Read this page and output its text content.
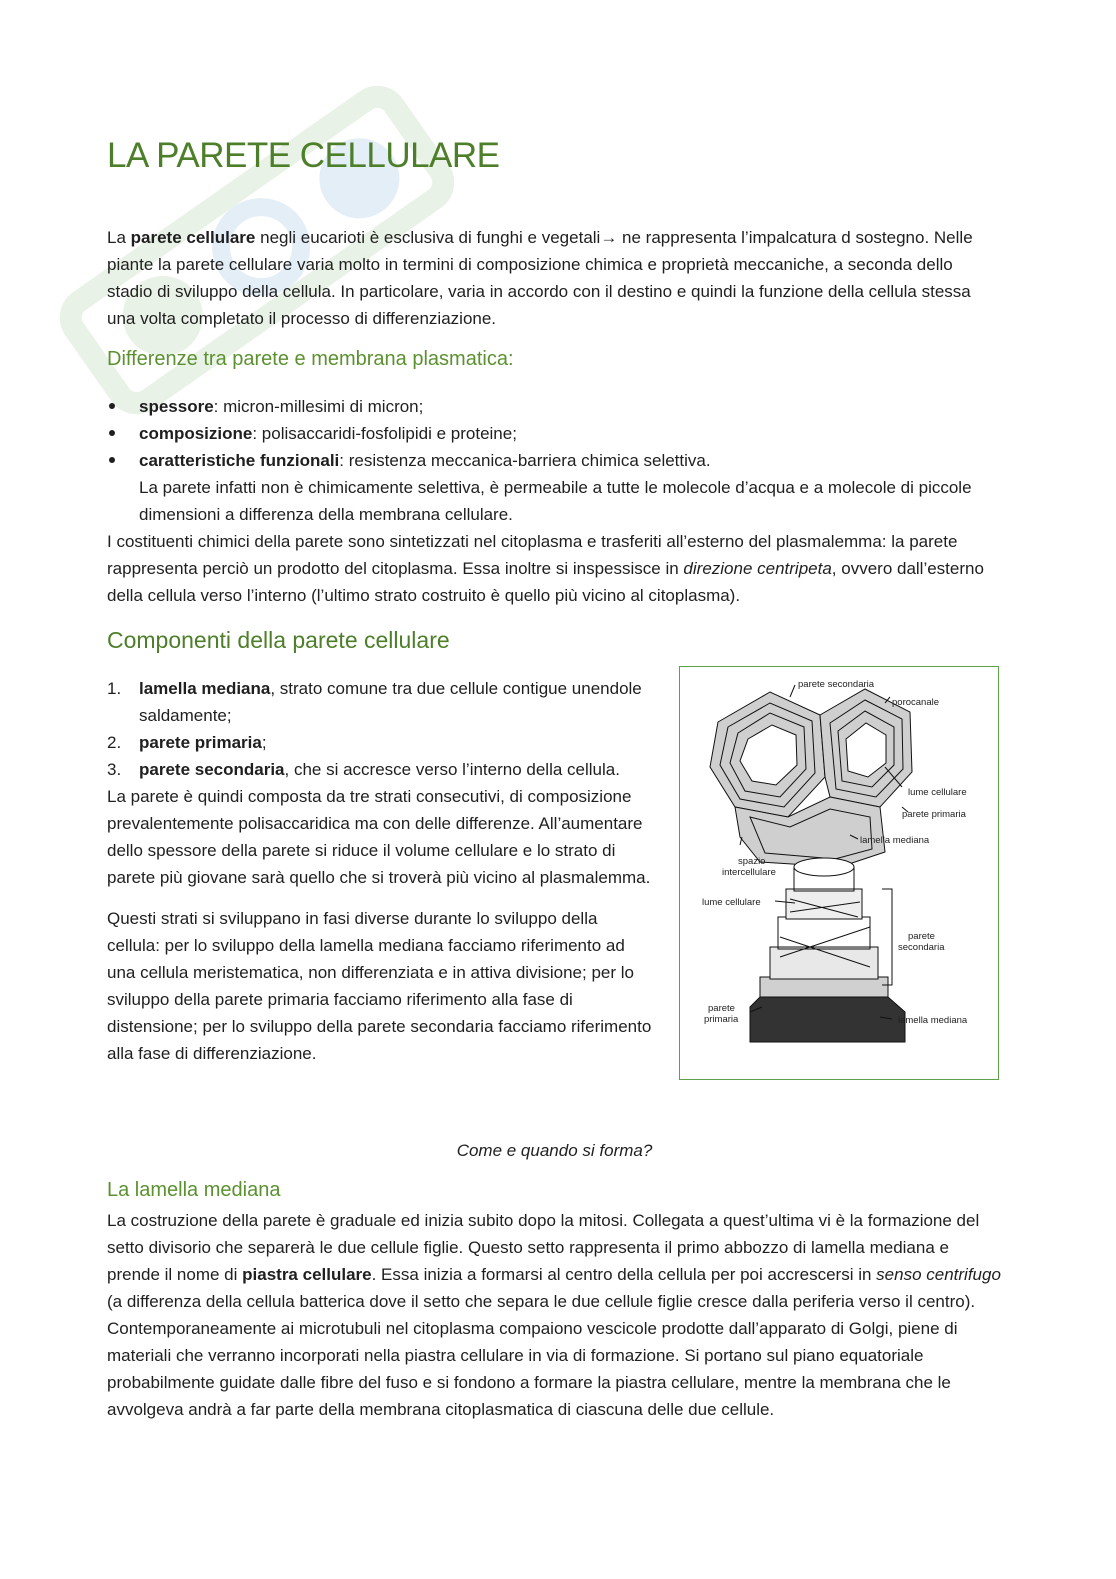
LA PARETE CELLULARE

La parete cellulare negli eucarioti è esclusiva di funghi e vegetali→ ne rappresenta l’impalcatura d sostegno. Nelle piante la parete cellulare varia molto in termini di composizione chimica e proprietà meccaniche, a seconda dello stadio di sviluppo della cellula. In particolare, varia in accordo con il destino e quindi la funzione della cellula stessa una volta completato il processo di differenziazione.

Differenze tra parete e membrana plasmatica:
spessore: micron-millesimi di micron;
composizione: polisaccaridi-fosfolipidi e proteine;
caratteristiche funzionali: resistenza meccanica-barriera chimica selettiva.

La parete infatti non è chimicamente selettiva, è permeabile a tutte le molecole d’acqua e a molecole di piccole dimensioni a differenza della membrana cellulare.

I costituenti chimici della parete sono sintetizzati nel citoplasma e trasferiti all’esterno del plasmalemma: la parete rappresenta perciò un prodotto del citoplasma. Essa inoltre si inspessisce in direzione centripeta, ovvero dall’esterno della cellula verso l’interno (l’ultimo strato costruito è quello più vicino al citoplasma).

Componenti della parete cellulare
1. lamella mediana, strato comune tra due cellule contigue unendole saldamente;
2. parete primaria;
3. parete secondaria, che si accresce verso l’interno della cellula.

La parete è quindi composta da tre strati consecutivi, di composizione prevalentemente polisaccaridica ma con delle differenze. All’aumentare dello spessore della parete si riduce il volume cellulare e lo strato di parete più giovane sarà quello che si troverà più vicino al plasmalemma.

Questi strati si sviluppano in fasi diverse durante lo sviluppo della cellula: per lo sviluppo della lamella mediana facciamo riferimento ad una cellula meristematica, non differenziata e in attiva divisione; per lo sviluppo della parete primaria facciamo riferimento alla fase di distensione; per lo sviluppo della parete secondaria facciamo riferimento alla fase di differenziazione.

parete secondaria
porocanale
lume cellulare
parete primaria
lamella mediana
spazio
intercellulare
lume cellulare
parete
secondaria
parete
primaria	lamella mediana

Come e quando si forma?

La lamella mediana

La costruzione della parete è graduale ed inizia subito dopo la mitosi. Collegata a quest’ultima vi è la formazione del setto divisorio che separerà le due cellule figlie. Questo setto rappresenta il primo abbozzo di lamella mediana e prende il nome di piastra cellulare. Essa inizia a formarsi al centro della cellula per poi accrescersi in senso centrifugo (a differenza della cellula batterica dove il setto che separa le due cellule figlie cresce dalla periferia verso il centro).

Contemporaneamente ai microtubuli nel citoplasma compaiono vescicole prodotte dall’apparato di Golgi, piene di materiali che verranno incorporati nella piastra cellulare in via di formazione. Si portano sul piano equatoriale probabilmente guidate dalle fibre del fuso e si fondono a formare la piastra cellulare, mentre la membrana che le avvolgeva andrà a far parte della membrana citoplasmatica di ciascuna delle due cellule.
